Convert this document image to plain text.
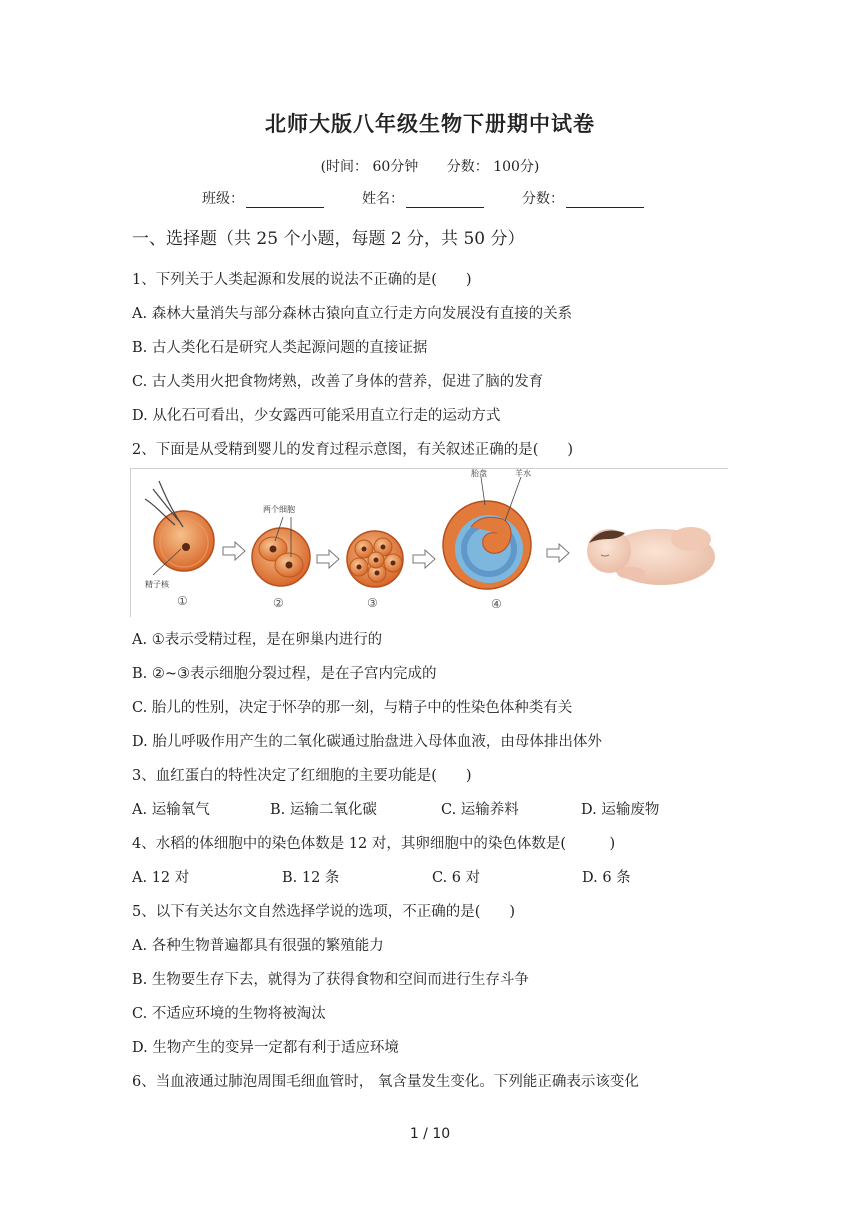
北师大版八年级生物下册期中试卷
(时间： 60分钟 分数： 100分)
班级：	姓名：	分数：
一、选择题（共 25 个小题，每题 2 分，共 50 分）
1、下列关于人类起源和发展的说法不正确的是(　　)
A. 森林大量消失与部分森林古猿向直立行走方向发展没有直接的关系
B. 古人类化石是研究人类起源问题的直接证据
C. 古人类用火把食物烤熟，改善了身体的营养，促进了脑的发育
D. 从化石可看出，少女露西可能采用直立行走的运动方式
2、下面是从受精到婴儿的发育过程示意图，有关叙述正确的是(　　)
精子核
①
两个细胞
②	③
胎盘	羊水
④
A. ①表示受精过程，是在卵巢内进行的
B. ②~③表示细胞分裂过程，是在子宫内完成的
C. 胎儿的性别，决定于怀孕的那一刻，与精子中的性染色体种类有关
D. 胎儿呼吸作用产生的二氧化碳通过胎盘进入母体血液，由母体排出体外
3、血红蛋白的特性决定了红细胞的主要功能是(　　)
A. 运输氧气	B. 运输二氧化碳	C. 运输养料	D. 运输废物
4、水稻的体细胞中的染色体数是 12 对，其卵细胞中的染色体数是(　　　)
A. 12 对	B. 12 条	C. 6 对	D. 6 条
5、以下有关达尔文自然选择学说的选项，不正确的是(　　)
A. 各种生物普遍都具有很强的繁殖能力
B. 生物要生存下去，就得为了获得食物和空间而进行生存斗争
C. 不适应环境的生物将被淘汰
D. 生物产生的变异一定都有利于适应环境
6、当血液通过肺泡周围毛细血管时， 氧含量发生变化。下列能正确表示该变化
1 / 10
